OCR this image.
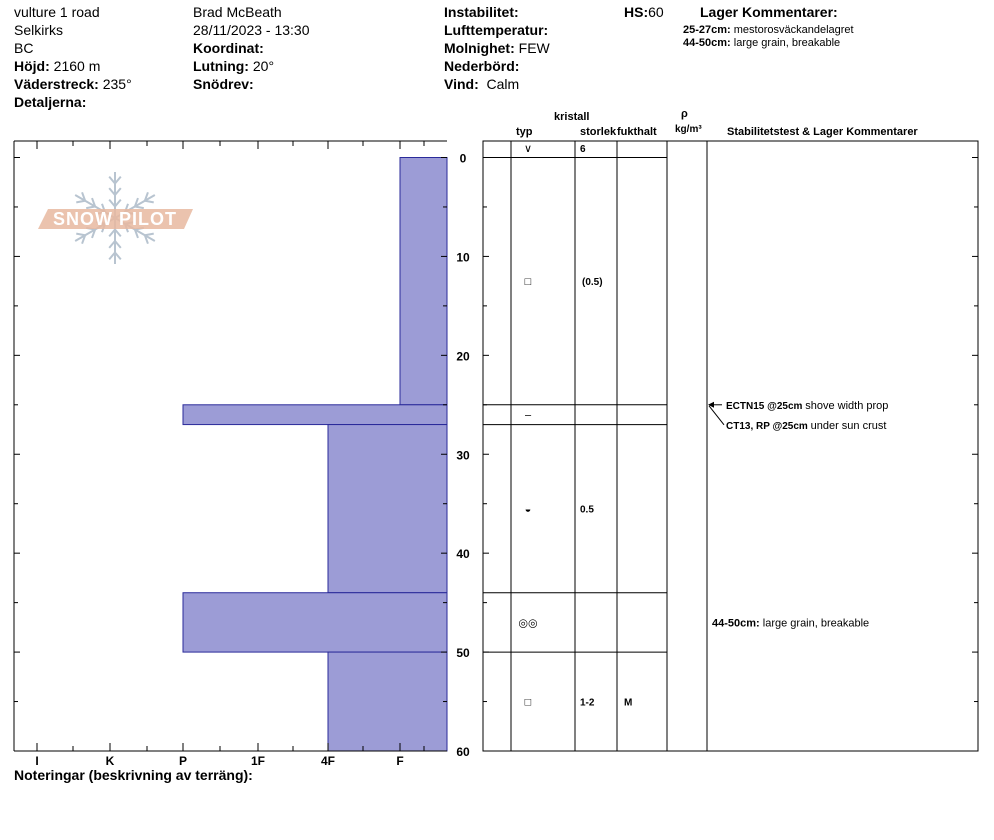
vulture 1 road
Selkirks
BC
Höjd: 2160 m
Väderstreck: 235°
Detaljerna:
Brad McBeath
28/11/2023 - 13:30
Koordinat:
Lutning: 20°
Snödrev:
Instabilitet:
Lufttemperatur:
Molnighet: FEW
Nederbörd:
Vind: Calm
HS:60	Lager Kommentarer:
25-27cm: mestorosväckandelagret
44-50cm: large grain, breakable
kristall
typ	storlek fukthalt
ρ
kg/m³ Stabilitetstest & Lager Kommentarer
Noteringar (beskrivning av terräng):
SNOW PILOT
I	K	P	1F	4F	F
0
10
20
30
40
50
60
∨	6
□	(0.5)
–
◒	0.5
◎◎
□	1-2	M
ECTN15 @25cm shove width prop
CT13, RP @25cm under sun crust
44-50cm: large grain, breakable
